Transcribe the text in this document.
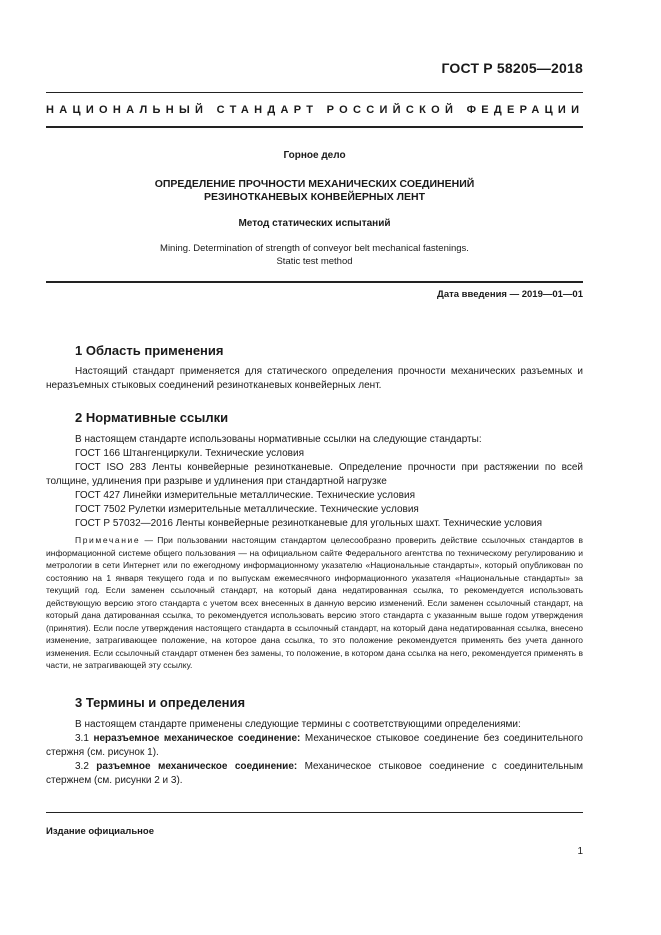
ГОСТ Р 58205—2018
НАЦИОНАЛЬНЫЙ СТАНДАРТ РОССИЙСКОЙ ФЕДЕРАЦИИ
Горное дело
ОПРЕДЕЛЕНИЕ ПРОЧНОСТИ МЕХАНИЧЕСКИХ СОЕДИНЕНИЙ
РЕЗИНОТКАНЕВЫХ КОНВЕЙЕРНЫХ ЛЕНТ
Метод статических испытаний
Mining. Determination of strength of conveyor belt mechanical fastenings.
Static test method
Дата введения — 2019—01—01
1 Область применения

Настоящий стандарт применяется для статического определения прочности механических разъемных и неразъемных стыковых соединений резинотканевых конвейерных лент.

2 Нормативные ссылки

В настоящем стандарте использованы нормативные ссылки на следующие стандарты:

ГОСТ 166 Штангенциркули. Технические условия

ГОСТ ISO 283 Ленты конвейерные резинотканевые. Определение прочности при растяжении по всей толщине, удлинения при разрыве и удлинения при стандартной нагрузке

ГОСТ 427 Линейки измерительные металлические. Технические условия

ГОСТ 7502 Рулетки измерительные металлические. Технические условия

ГОСТ Р 57032—2016 Ленты конвейерные резинотканевые для угольных шахт. Технические условия

Примечание — При пользовании настоящим стандартом целесообразно проверить действие ссылочных стандартов в информационной системе общего пользования — на официальном сайте Федерального агентства по техническому регулированию и метрологии в сети Интернет или по ежегодному информационному указателю «Национальные стандарты», который опубликован по состоянию на 1 января текущего года и по выпускам ежемесячного информационного указателя «Национальные стандарты» за текущий год. Если заменен ссылочный стандарт, на который дана недатированная ссылка, то рекомендуется использовать действующую версию этого стандарта с учетом всех внесенных в данную версию изменений. Если заменен ссылочный стандарт, на который дана датированная ссылка, то рекомендуется использовать версию этого стандарта с указанным выше годом утверждения (принятия). Если после утверждения настоящего стандарта в ссылочный стандарт, на который дана недатированная ссылка, внесено изменение, затрагивающее положение, на которое дана ссылка, то это положение рекомендуется применять без учета данного изменения. Если ссылочный стандарт отменен без замены, то положение, в котором дана ссылка на него, рекомендуется применять в части, не затрагивающей эту ссылку.

3 Термины и определения

В настоящем стандарте применены следующие термины с соответствующими определениями:

3.1 неразъемное механическое соединение: Механическое стыковое соединение без соединительного стержня (см. рисунок 1).

3.2 разъемное механическое соединение: Механическое стыковое соединение с соединительным стержнем (см. рисунки 2 и 3).

Издание официальное
1
